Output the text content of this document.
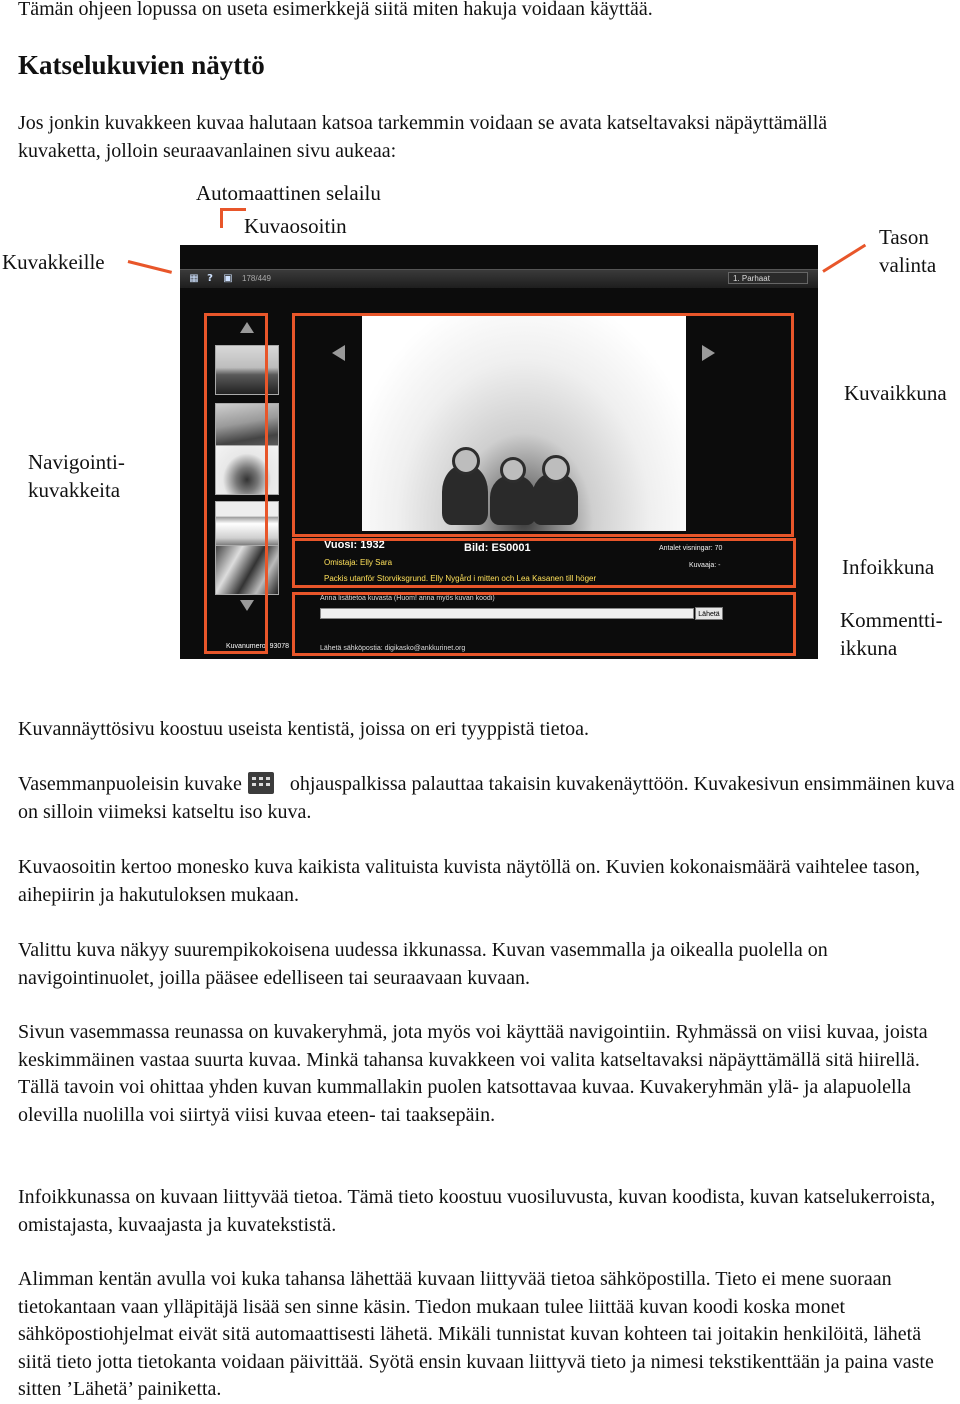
Tämän ohjeen lopussa on useta esimerkkejä siitä miten hakuja voidaan käyttää.

Katselukuvien näyttö

Jos jonkin kuvakkeen kuvaa halutaan katsoa tarkemmin voidaan se avata katseltavaksi näpäyttämällä kuvaketta, jolloin seuraavanlainen sivu aukeaa:

Automaattinen selailu
Kuvaosoitin
Kuvakkeille
Tason
valinta
Kuvaikkuna
Navigointi-
kuvakkeita
Infoikkuna
Kommentti-
ikkuna
▦ ?	▣ 178/449	1. Parhaat
Vuosi: 1932	Bild: ES0001	Antalet visningar: 70
Omistaja: Elly Sara	Kuvaaja: -
Packis utanför Storviksgrund. Elly Nygård i mitten och Lea Kasanen till höger
Anna lisätietoa kuvasta (Huom! anna myös kuvan koodi)
Lähetä
Kuvanumero: 93078	Lähetä sähköpostia: digikasko@ankkurinet.org

Kuvannäyttösivu koostuu useista kentistä, joissa on eri tyyppistä tietoa.

Vasemmanpuoleisin kuvake ohjauspalkissa palauttaa takaisin kuvakenäyttöön. Kuvakesivun ensimmäinen kuva on silloin viimeksi katseltu iso kuva.

Kuvaosoitin kertoo monesko kuva kaikista valituista kuvista näytöllä on. Kuvien kokonaismäärä vaihtelee tason, aihepiirin ja hakutuloksen mukaan.

Valittu kuva näkyy suurempikokoisena uudessa ikkunassa. Kuvan vasemmalla ja oikealla puolella on navigointinuolet, joilla pääsee edelliseen tai seuraavaan kuvaan.

Sivun vasemmassa reunassa on kuvakeryhmä, jota myös voi käyttää navigointiin. Ryhmässä on viisi kuvaa, joista keskimmäinen vastaa suurta kuvaa. Minkä tahansa kuvakkeen voi valita katseltavaksi näpäyttämällä sitä hiirellä. Tällä tavoin voi ohittaa yhden kuvan kummallakin puolen katsottavaa kuvaa. Kuvakeryhmän ylä- ja alapuolella olevilla nuolilla voi siirtyä viisi kuvaa eteen- tai taaksepäin.

Infoikkunassa on kuvaan liittyvää tietoa. Tämä tieto koostuu vuosiluvusta, kuvan koodista, kuvan katselukerroista, omistajasta, kuvaajasta ja kuvatekstistä.

Alimman kentän avulla voi kuka tahansa lähettää kuvaan liittyvää tietoa sähköpostilla. Tieto ei mene suoraan tietokantaan vaan ylläpitäjä lisää sen sinne käsin. Tiedon mukaan tulee liittää kuvan koodi koska monet sähköpostiohjelmat eivät sitä automaattisesti lähetä. Mikäli tunnistat kuvan kohteen tai joitakin henkilöitä, lähetä siitä tieto jotta tietokanta voidaan päivittää. Syötä ensin kuvaan liittyvä tieto ja nimesi tekstikenttään ja paina vaste sitten ’Lähetä’ painiketta.
